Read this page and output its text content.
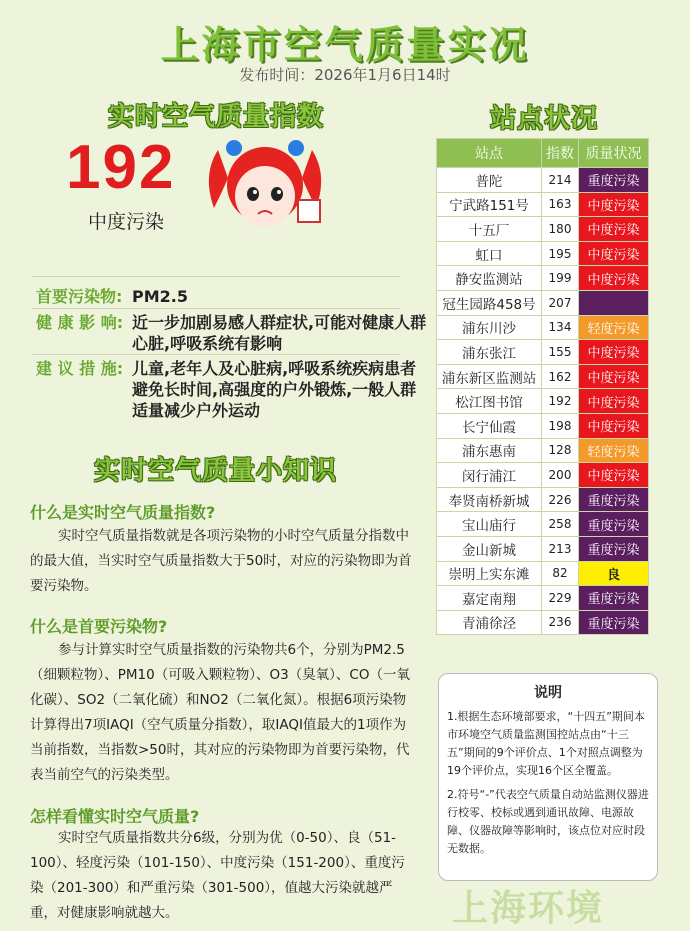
上海市空气质量实况
发布时间：2026年1月6日14时
实时空气质量指数
192
中度污染
首要污染物: PM2.5
健 康 影 响: 近一步加剧易感人群症状,可能对健康人群心脏,呼吸系统有影响
建 议 措 施: 儿童,老年人及心脏病,呼吸系统疾病患者避免长时间,高强度的户外锻炼,一般人群适量减少户外运动
实时空气质量小知识
什么是实时空气质量指数?
实时空气质量指数就是各项污染物的小时空气质量分指数中的最大值，当实时空气质量指数大于50时，对应的污染物即为首要污染物。
什么是首要污染物?
参与计算实时空气质量指数的污染物共6个，分别为PM2.5（细颗粒物）、PM10（可吸入颗粒物）、O3（臭氧）、CO（一氧化碳）、SO2（二氧化硫）和NO2（二氧化氮）。根据6项污染物计算得出7项IAQI（空气质量分指数），取IAQI值最大的1项作为当前指数，当指数>50时，其对应的污染物即为首要污染物，代表当前空气的污染类型。
怎样看懂实时空气质量?
实时空气质量指数共分6级，分别为优（0-50）、良（51-100）、轻度污染（101-150）、中度污染（151-200）、重度污染（201-300）和严重污染（301-500），值越大污染就越严重，对健康影响就越大。
站点状况
站点	指数	质量状况
普陀	214	重度污染
宁武路151号	163	中度污染
十五厂	180	中度污染
虹口	195	中度污染
静安监测站	199	中度污染
冠生园路458号	207	
浦东川沙	134	轻度污染
浦东张江	155	中度污染
浦东新区监测站	162	中度污染
松江图书馆	192	中度污染
长宁仙霞	198	中度污染
浦东惠南	128	轻度污染
闵行浦江	200	中度污染
奉贤南桥新城	226	重度污染
宝山庙行	258	重度污染
金山新城	213	重度污染
崇明上实东滩	82	良
嘉定南翔	229	重度污染
青浦徐泾	236	重度污染
说明
1.根据生态环境部要求，“十四五”期间本市环境空气质量监测国控站点由“十三五”期间的9个评价点、1个对照点调整为19个评价点，实现16个区全覆盖。
2.符号“-”代表空气质量自动站监测仪器进行校零、校标或遇到通讯故障、电源故障、仪器故障等影响时，该点位对应时段无数据。
上海环境
